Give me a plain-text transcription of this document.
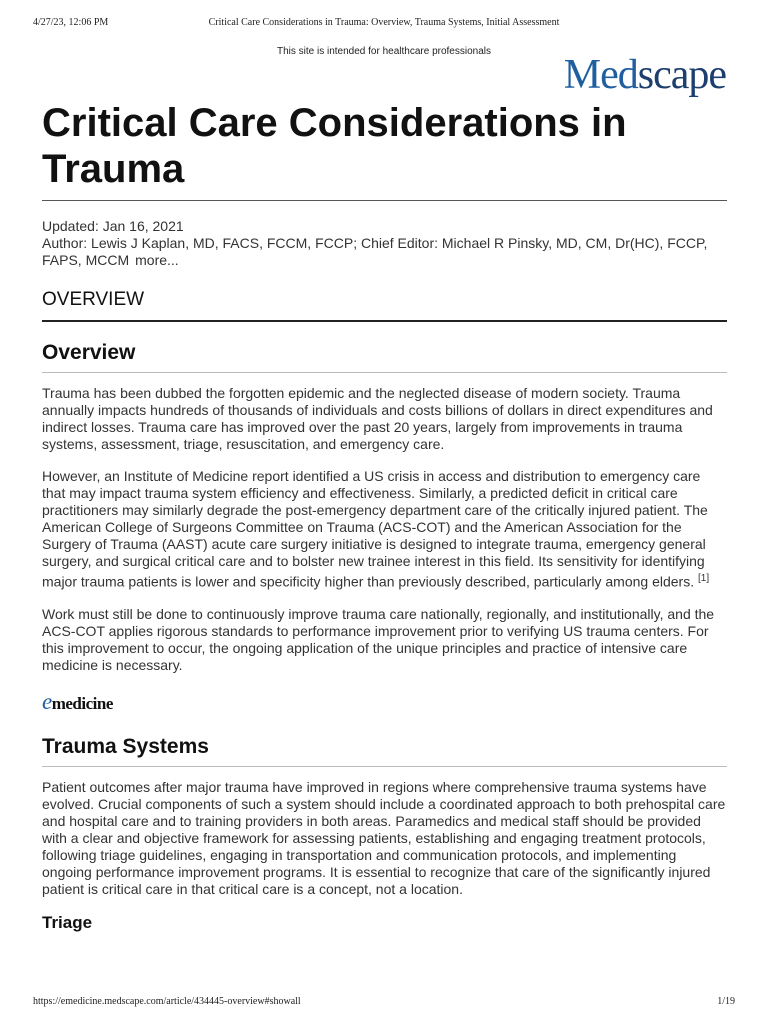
4/27/23, 12:06 PM	Critical Care Considerations in Trauma: Overview, Trauma Systems, Initial Assessment
This site is intended for healthcare professionals
Medscape
Critical Care Considerations in Trauma
Updated: Jan 16, 2021
Author: Lewis J Kaplan, MD, FACS, FCCM, FCCP; Chief Editor: Michael R Pinsky, MD, CM, Dr(HC), FCCP, FAPS, MCCM more...
OVERVIEW
Overview

Trauma has been dubbed the forgotten epidemic and the neglected disease of modern society. Trauma annually impacts hundreds of thousands of individuals and costs billions of dollars in direct expenditures and indirect losses. Trauma care has improved over the past 20 years, largely from improvements in trauma systems, assessment, triage, resuscitation, and emergency care.

However, an Institute of Medicine report identified a US crisis in access and distribution to emergency care that may impact trauma system efficiency and effectiveness. Similarly, a predicted deficit in critical care practitioners may similarly degrade the post-emergency department care of the critically injured patient. The American College of Surgeons Committee on Trauma (ACS-COT) and the American Association for the Surgery of Trauma (AAST) acute care surgery initiative is designed to integrate trauma, emergency general surgery, and surgical critical care and to bolster new trainee interest in this field. Its sensitivity for identifying major trauma patients is lower and specificity higher than previously described, particularly among elders. [1]

Work must still be done to continuously improve trauma care nationally, regionally, and institutionally, and the ACS-COT applies rigorous standards to performance improvement prior to verifying US trauma centers. For this improvement to occur, the ongoing application of the unique principles and practice of intensive care medicine is necessary.

emedicine
Trauma Systems

Patient outcomes after major trauma have improved in regions where comprehensive trauma systems have evolved. Crucial components of such a system should include a coordinated approach to both prehospital care and hospital care and to training providers in both areas. Paramedics and medical staff should be provided with a clear and objective framework for assessing patients, establishing and engaging treatment protocols, following triage guidelines, engaging in transportation and communication protocols, and implementing ongoing performance improvement programs. It is essential to recognize that care of the significantly injured patient is critical care in that critical care is a concept, not a location.

Triage
https://emedicine.medscape.com/article/434445-overview#showall	1/19
